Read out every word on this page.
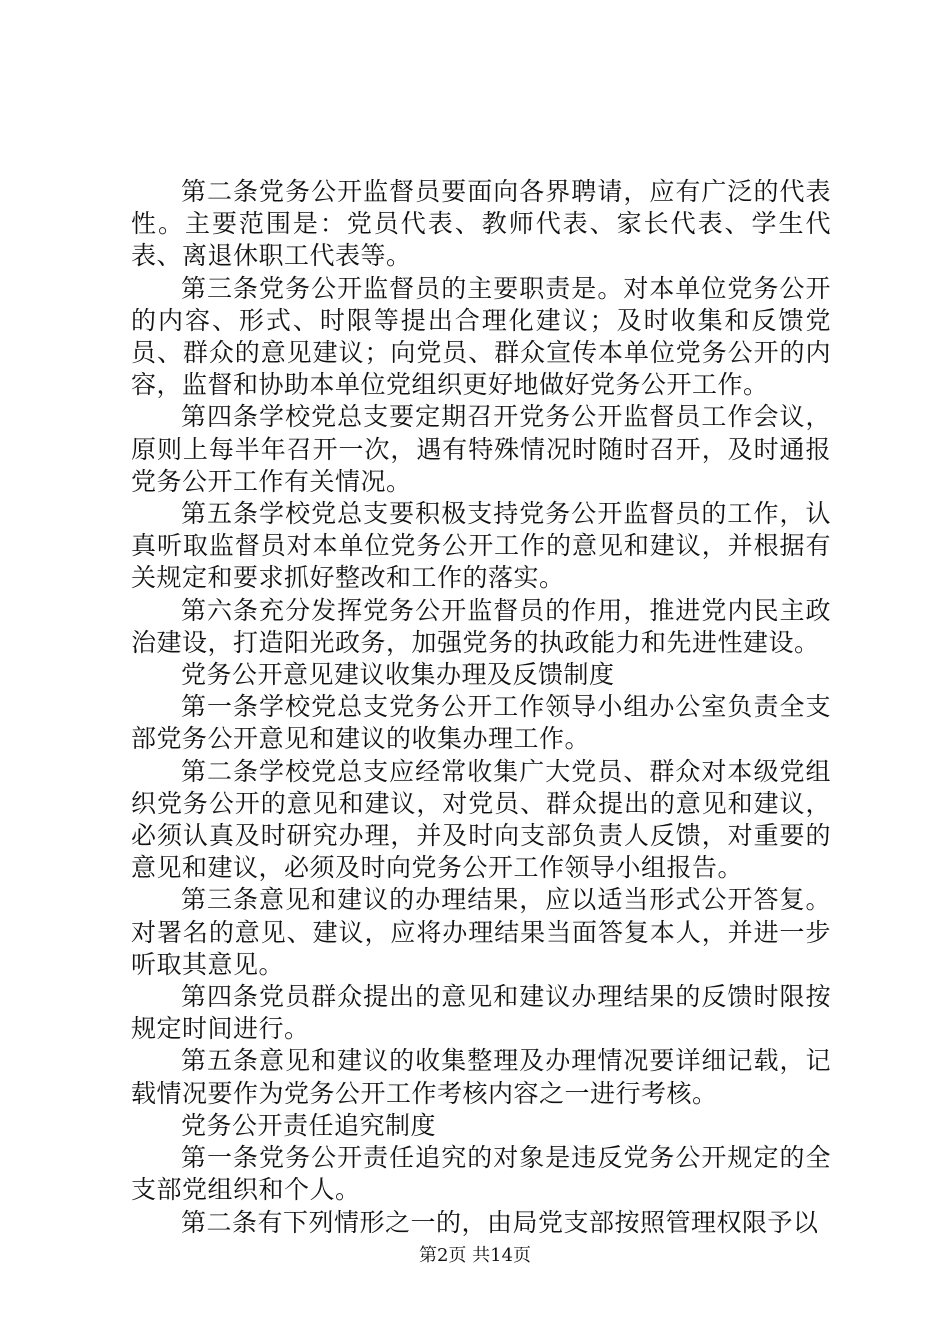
第二条党务公开监督员要面向各界聘请，应有广泛的代表性。主要范围是：党员代表、教师代表、家长代表、学生代表、离退休职工代表等。

第三条党务公开监督员的主要职责是。对本单位党务公开的内容、形式、时限等提出合理化建议；及时收集和反馈党员、群众的意见建议；向党员、群众宣传本单位党务公开的内容，监督和协助本单位党组织更好地做好党务公开工作。

第四条学校党总支要定期召开党务公开监督员工作会议，原则上每半年召开一次，遇有特殊情况时随时召开，及时通报党务公开工作有关情况。

第五条学校党总支要积极支持党务公开监督员的工作，认真听取监督员对本单位党务公开工作的意见和建议，并根据有关规定和要求抓好整改和工作的落实。

第六条充分发挥党务公开监督员的作用，推进党内民主政治建设，打造阳光政务，加强党务的执政能力和先进性建设。

党务公开意见建议收集办理及反馈制度

第一条学校党总支党务公开工作领导小组办公室负责全支部党务公开意见和建议的收集办理工作。

第二条学校党总支应经常收集广大党员、群众对本级党组织党务公开的意见和建议，对党员、群众提出的意见和建议，必须认真及时研究办理，并及时向支部负责人反馈，对重要的意见和建议，必须及时向党务公开工作领导小组报告。

第三条意见和建议的办理结果，应以适当形式公开答复。对署名的意见、建议，应将办理结果当面答复本人，并进一步听取其意见。

第四条党员群众提出的意见和建议办理结果的反馈时限按规定时间进行。

第五条意见和建议的收集整理及办理情况要详细记载，记载情况要作为党务公开工作考核内容之一进行考核。

党务公开责任追究制度

第一条党务公开责任追究的对象是违反党务公开规定的全支部党组织和个人。

第二条有下列情形之一的，由局党支部按照管理权限予以

第2页 共14页
